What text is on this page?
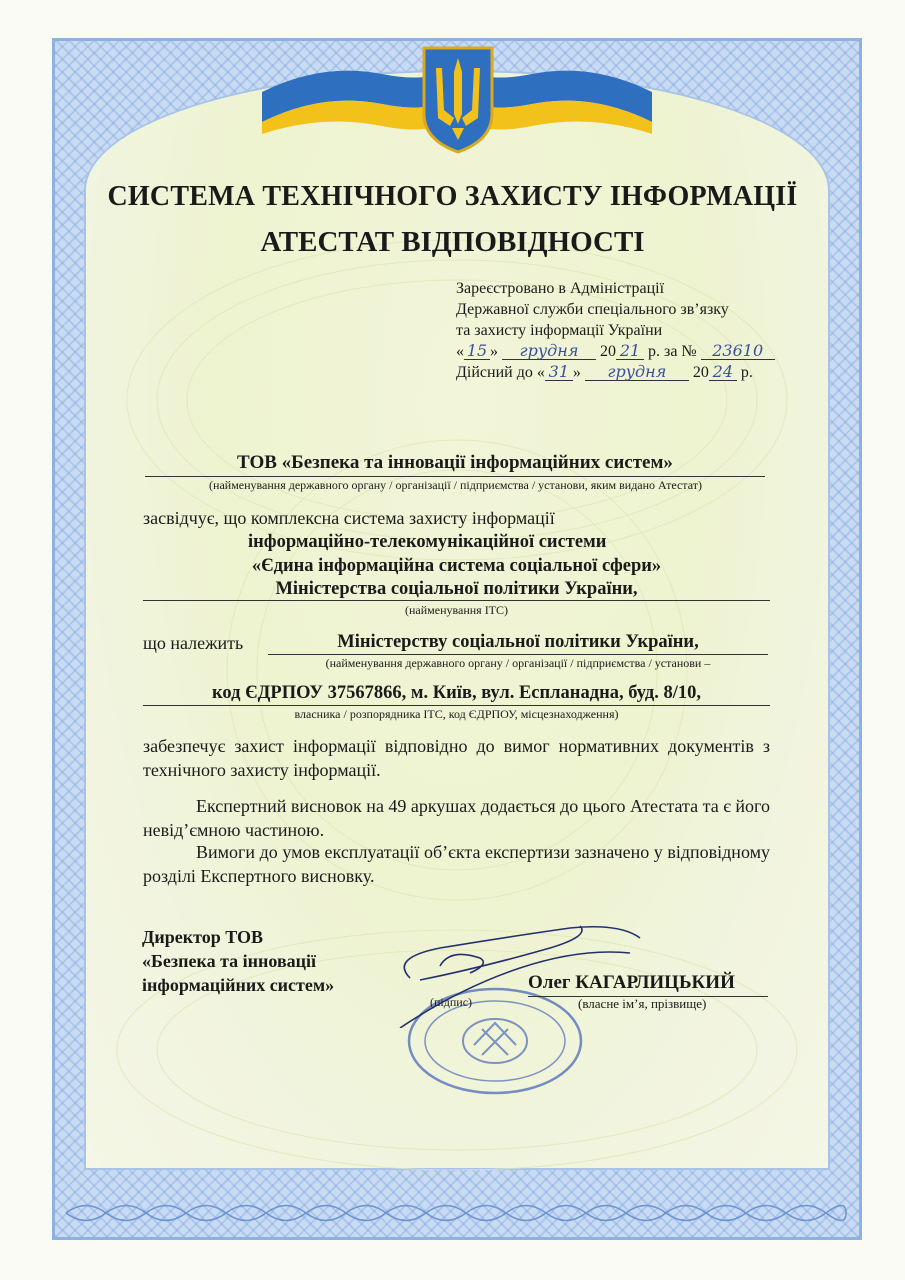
СИСТЕМА ТЕХНІЧНОГО ЗАХИСТУ ІНФОРМАЦІЇ
АТЕСТАТ ВІДПОВІДНОСТІ
Зареєстровано в Адміністрації
Державної служби спеціального зв’язку
та захисту інформації України
« 15 » грудня 20 21 р. за № 23610
Дійсний до « 31 » грудня 20 24 р.
ТОВ «Безпека та інновації інформаційних систем»
(найменування державного органу / організації / підприємства / установи, яким видано Атестат)
засвідчує, що комплексна система захисту інформації
інформаційно-телекомунікаційної системи
«Єдина інформаційна система соціальної сфери»
Міністерства соціальної політики України,
(найменування ІТС)
що належить	Міністерству соціальної політики України,
(найменування державного органу / організації / підприємства / установи –
код ЄДРПОУ 37567866, м. Київ, вул. Еспланадна, буд. 8/10,
власника / розпорядника ІТС, код ЄДРПОУ, місцезнаходження)
забезпечує захист інформації відповідно до вимог нормативних документів з технічного захисту інформації.
Експертний висновок на 49 аркушах додається до цього Атестата та є його невід’ємною частиною.
Вимоги до умов експлуатації об’єкта експертизи зазначено у відповідному розділі Експертного висновку.
Директор ТОВ
«Безпека та інновації
інформаційних систем»
(підпис)
Олег КАГАРЛИЦЬКИЙ
(власне ім’я, прізвище)
